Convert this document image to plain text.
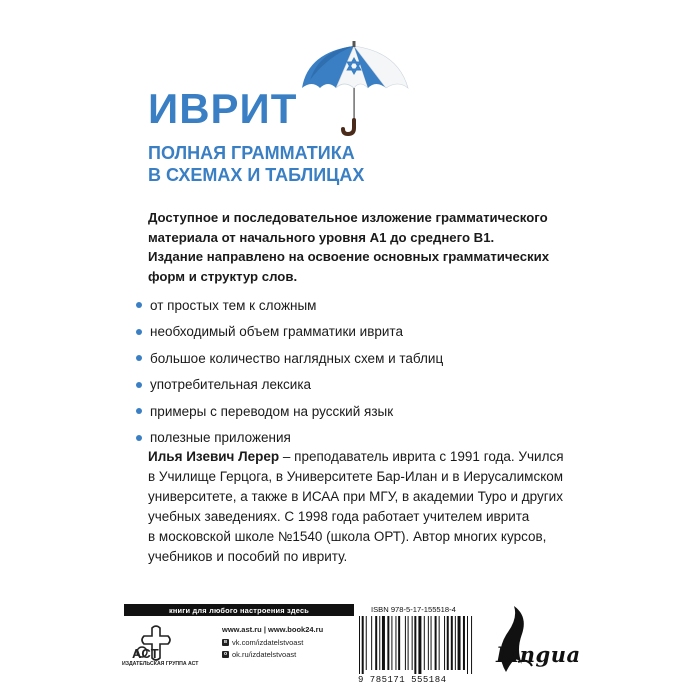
ИВРИТ
ПОЛНАЯ ГРАММАТИКА
В СХЕМАХ И ТАБЛИЦАХ

Доступное и последовательное изложение грамматического
материала от начального уровня А1 до среднего В1.
Издание направлено на освоение основных грамматических
форм и структур слов.

от простых тем к сложным
необходимый объем грамматики иврита
большое количество наглядных схем и таблиц
употребительная лексика
примеры с переводом на русский язык
полезные приложения

Илья Изевич Лерер – преподаватель иврита с 1991 года. Учился
в Училище Герцога, в Университете Бар-Илан и в Иерусалимском
университете, а также в ИСАА при МГУ, в академии Туро и других
учебных заведениях. С 1998 года работает учителем иврита
в московской школе №1540 (школа ОРТ). Автор многих курсов,
учебников и пособий по ивриту.

книги для любого настроения здесь
ACT
ИЗДАТЕЛЬСКАЯ ГРУППА АСТ
www.ast.ru | www.book24.ru
в vk.com/izdatelstvoast
о ok.ru/izdatelstvoast
ISBN 978-5-17-155518-4
9 785171 555184
Lingua
